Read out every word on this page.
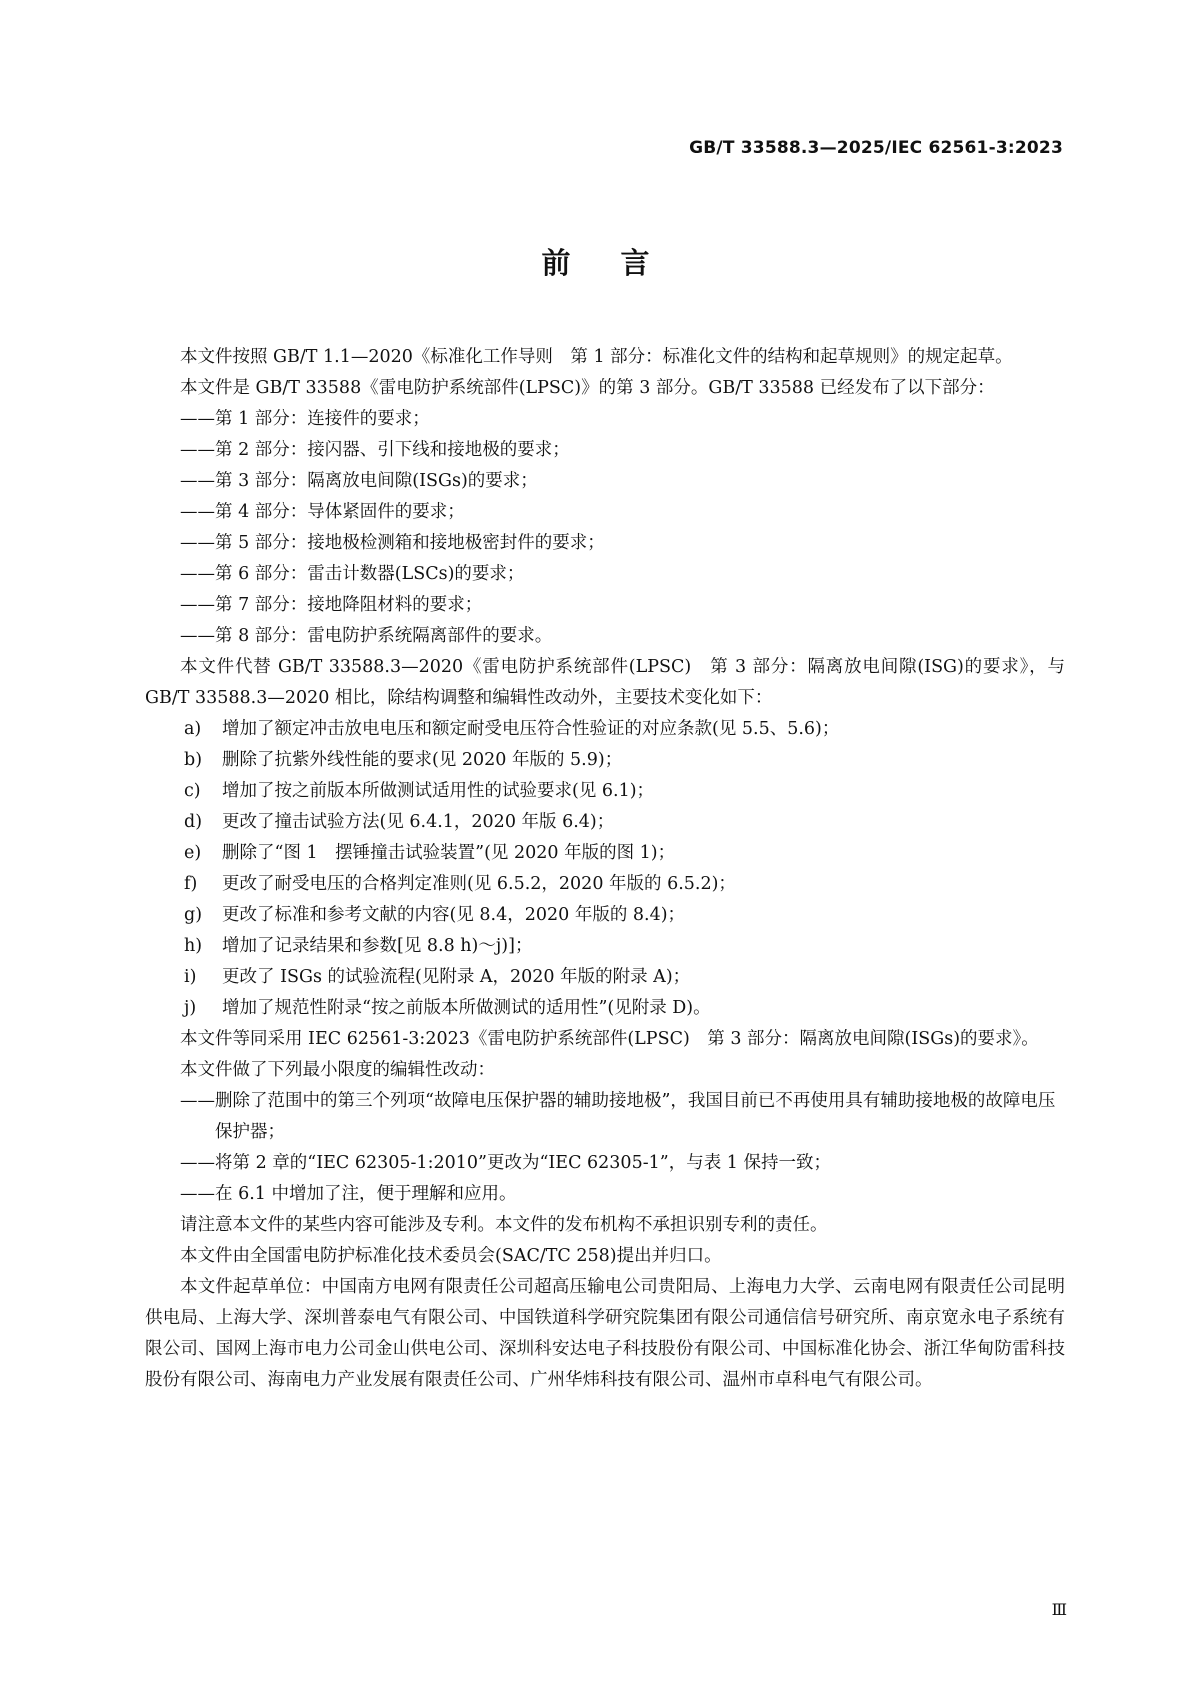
GB/T 33588.3—2025/IEC 62561-3:2023
前言

本文件按照 GB/T 1.1—2020《标准化工作导则　第 1 部分：标准化文件的结构和起草规则》的规定起草。

本文件是 GB/T 33588《雷电防护系统部件(LPSC)》的第 3 部分。GB/T 33588 已经发布了以下部分：

——第 1 部分：连接件的要求；

——第 2 部分：接闪器、引下线和接地极的要求；

——第 3 部分：隔离放电间隙(ISGs)的要求；

——第 4 部分：导体紧固件的要求；

——第 5 部分：接地极检测箱和接地极密封件的要求；

——第 6 部分：雷击计数器(LSCs)的要求；

——第 7 部分：接地降阻材料的要求；

——第 8 部分：雷电防护系统隔离部件的要求。

本文件代替 GB/T 33588.3—2020《雷电防护系统部件(LPSC)　第 3 部分：隔离放电间隙(ISG)的要求》，与 GB/T 33588.3—2020 相比，除结构调整和编辑性改动外，主要技术变化如下：

a)	增加了额定冲击放电电压和额定耐受电压符合性验证的对应条款(见 5.5、5.6)；

b)	删除了抗紫外线性能的要求(见 2020 年版的 5.9)；

c)	增加了按之前版本所做测试适用性的试验要求(见 6.1)；

d)	更改了撞击试验方法(见 6.4.1，2020 年版 6.4)；

e)	删除了“图 1　摆锤撞击试验装置”(见 2020 年版的图 1)；

f)	更改了耐受电压的合格判定准则(见 6.5.2，2020 年版的 6.5.2)；

g)	更改了标准和参考文献的内容(见 8.4，2020 年版的 8.4)；

h)	增加了记录结果和参数[见 8.8 h)～j)]；

i)	更改了 ISGs 的试验流程(见附录 A，2020 年版的附录 A)；

j)	增加了规范性附录“按之前版本所做测试的适用性”(见附录 D)。

本文件等同采用 IEC 62561-3:2023《雷电防护系统部件(LPSC)　第 3 部分：隔离放电间隙(ISGs)的要求》。

本文件做了下列最小限度的编辑性改动：

——删除了范围中的第三个列项“故障电压保护器的辅助接地极”，我国目前已不再使用具有辅助接地极的故障电压保护器；

——将第 2 章的“IEC 62305-1:2010”更改为“IEC 62305-1”，与表 1 保持一致；

——在 6.1 中增加了注，便于理解和应用。

请注意本文件的某些内容可能涉及专利。本文件的发布机构不承担识别专利的责任。

本文件由全国雷电防护标准化技术委员会(SAC/TC 258)提出并归口。

本文件起草单位：中国南方电网有限责任公司超高压输电公司贵阳局、上海电力大学、云南电网有限责任公司昆明供电局、上海大学、深圳普泰电气有限公司、中国铁道科学研究院集团有限公司通信信号研究所、南京宽永电子系统有限公司、国网上海市电力公司金山供电公司、深圳科安达电子科技股份有限公司、中国标准化协会、浙江华甸防雷科技股份有限公司、海南电力产业发展有限责任公司、广州华炜科技有限公司、温州市卓科电气有限公司。

Ⅲ
